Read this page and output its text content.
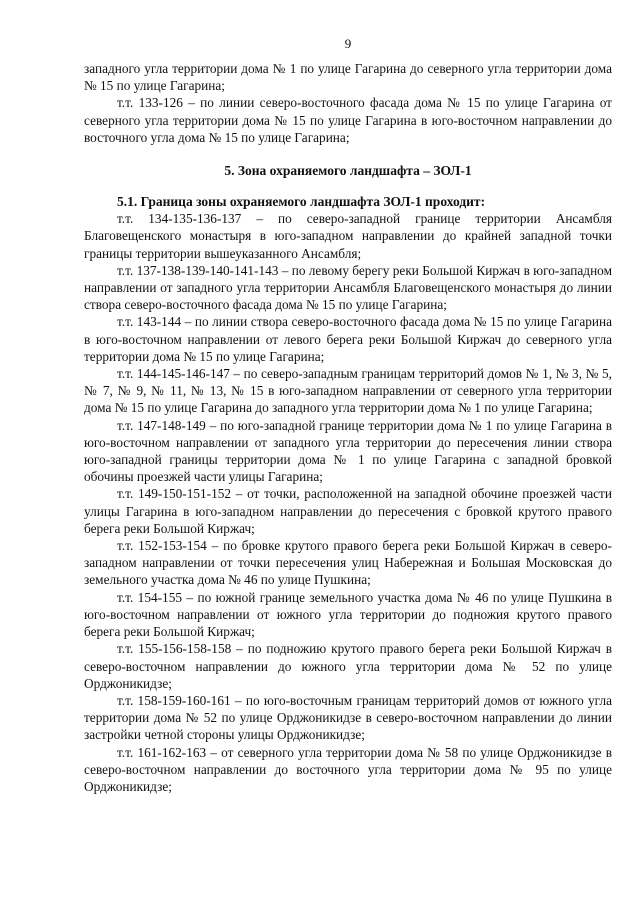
9

западного угла территории дома № 1 по улице Гагарина до северного угла территории дома № 15 по улице Гагарина;

т.т. 133-126 – по линии северо-восточного фасада дома № 15 по улице Гагарина от северного угла территории дома № 15 по улице Гагарина в юго-восточном направлении до восточного угла дома № 15 по улице Гагарина;

5. Зона охраняемого ландшафта – ЗОЛ-1

5.1. Граница зоны охраняемого ландшафта ЗОЛ-1 проходит:

т.т. 134-135-136-137 – по северо-западной границе территории Ансамбля Благовещенского монастыря в юго-западном направлении до крайней западной точки границы территории вышеуказанного Ансамбля;

т.т. 137-138-139-140-141-143 – по левому берегу реки Большой Киржач в юго-западном направлении от западного угла территории Ансамбля Благовещенского монастыря до линии створа северо-восточного фасада дома № 15 по улице Гагарина;

т.т. 143-144 – по линии створа северо-восточного фасада дома № 15 по улице Гагарина в юго-восточном направлении от левого берега реки Большой Киржач до северного угла территории дома № 15 по улице Гагарина;

т.т. 144-145-146-147 – по северо-западным границам территорий домов № 1, № 3, № 5, № 7, № 9, № 11, № 13, № 15 в юго-западном направлении от северного угла территории дома № 15 по улице Гагарина до западного угла территории дома № 1 по улице Гагарина;

т.т. 147-148-149 – по юго-западной границе территории дома № 1 по улице Гагарина в юго-восточном направлении от западного угла территории до пересечения линии створа юго-западной границы территории дома № 1 по улице Гагарина с западной бровкой обочины проезжей части улицы Гагарина;

т.т. 149-150-151-152 – от точки, расположенной на западной обочине проезжей части улицы Гагарина в юго-западном направлении до пересечения с бровкой крутого правого берега реки Большой Киржач;

т.т. 152-153-154 – по бровке крутого правого берега реки Большой Киржач в северо-западном направлении от точки пересечения улиц Набережная и Большая Московская до земельного участка дома № 46 по улице Пушкина;

т.т. 154-155 – по южной границе земельного участка дома № 46 по улице Пушкина в юго-восточном направлении от южного угла территории до подножия крутого правого берега реки Большой Киржач;

т.т. 155-156-158-158 – по подножию крутого правого берега реки Большой Киржач в северо-восточном направлении до южного угла территории дома № 52 по улице Орджоникидзе;

т.т. 158-159-160-161 – по юго-восточным границам территорий домов от южного угла территории дома № 52 по улице Орджоникидзе в северо-восточном направлении до линии застройки четной стороны улицы Орджоникидзе;

т.т. 161-162-163 – от северного угла территории дома № 58 по улице Орджоникидзе в северо-восточном направлении до восточного угла территории дома № 95 по улице Орджоникидзе;
